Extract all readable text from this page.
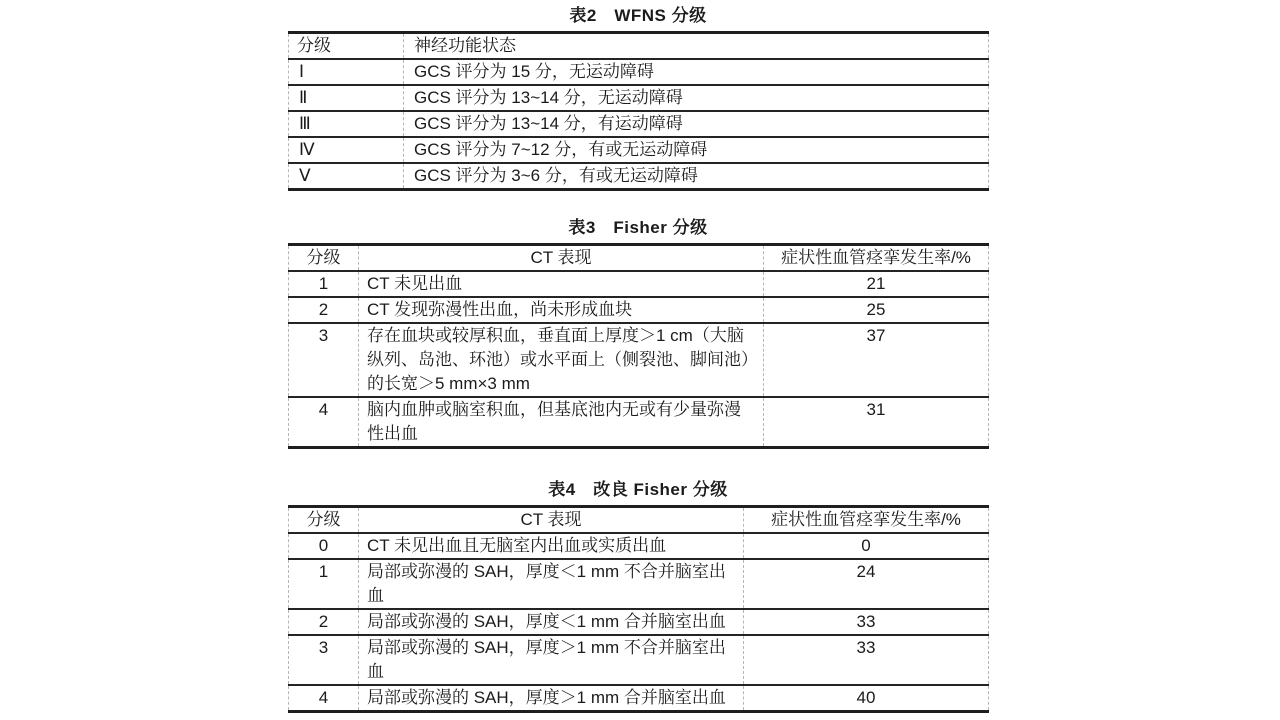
表2　WFNS 分级
分级	神经功能状态
Ⅰ	GCS 评分为 15 分，无运动障碍
Ⅱ	GCS 评分为 13~14 分，无运动障碍
Ⅲ	GCS 评分为 13~14 分，有运动障碍
Ⅳ	GCS 评分为 7~12 分，有或无运动障碍
Ⅴ	GCS 评分为 3~6 分，有或无运动障碍
表3　Fisher 分级
分级	CT 表现	症状性血管痉挛发生率/%
1	CT 未见出血	21
2	CT 发现弥漫性出血，尚未形成血块	25
3	存在血块或较厚积血，垂直面上厚度＞1 cm（大脑纵列、岛池、环池）或水平面上（侧裂池、脚间池）的长宽＞5 mm×3 mm	37
4	脑内血肿或脑室积血，但基底池内无或有少量弥漫性出血	31
表4　改良 Fisher 分级
分级	CT 表现	症状性血管痉挛发生率/%
0	CT 未见出血且无脑室内出血或实质出血	0
1	局部或弥漫的 SAH，厚度＜1 mm 不合并脑室出血	24
2	局部或弥漫的 SAH，厚度＜1 mm 合并脑室出血	33
3	局部或弥漫的 SAH，厚度＞1 mm 不合并脑室出血	33
4	局部或弥漫的 SAH，厚度＞1 mm 合并脑室出血	40
